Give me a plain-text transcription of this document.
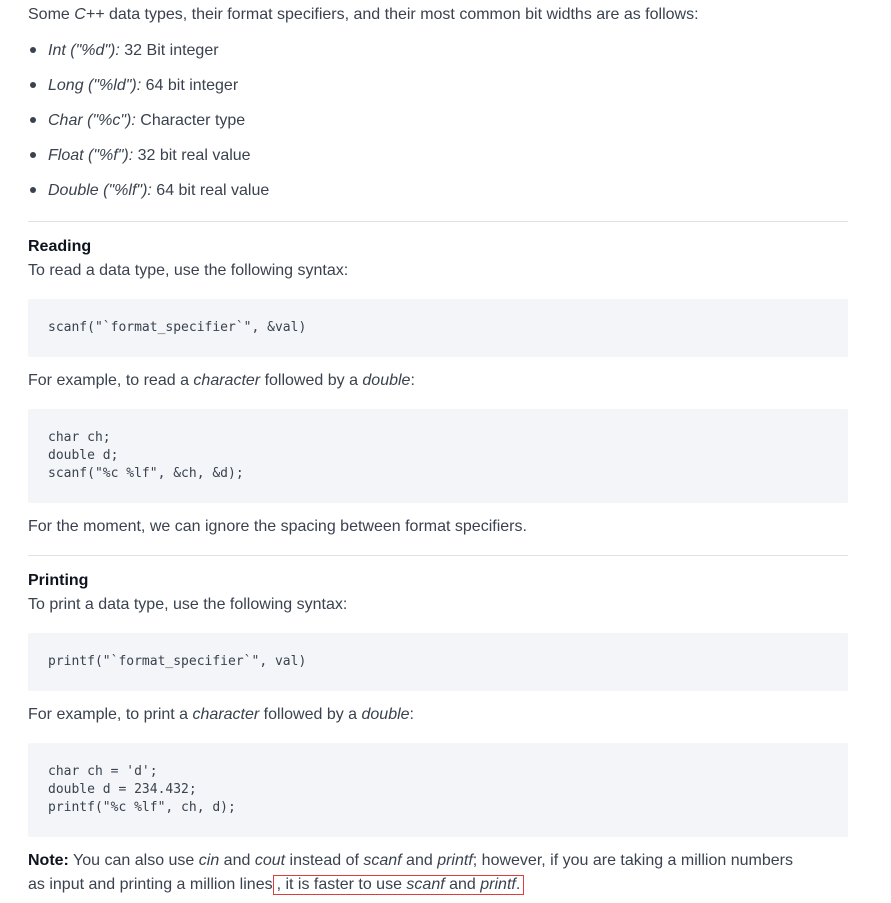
Some C++ data types, their format specifiers, and their most common bit widths are as follows:

Int ("%d"): 32 Bit integer
Long ("%ld"): 64 bit integer
Char ("%c"): Character type
Float ("%f"): 32 bit real value
Double ("%lf"): 64 bit real value
Reading

To read a data type, use the following syntax:

scanf("`format_specifier`", &val)

For example, to read a character followed by a double:

char ch;
double d;
scanf("%c %lf", &ch, &d);

For the moment, we can ignore the spacing between format specifiers.

Printing

To print a data type, use the following syntax:

printf("`format_specifier`", val)

For example, to print a character followed by a double:

char ch = 'd';
double d = 234.432;
printf("%c %lf", ch, d);

Note: You can also use cin and cout instead of scanf and printf; however, if you are taking a million numbers

as input and printing a million lines , it is faster to use scanf and printf.
